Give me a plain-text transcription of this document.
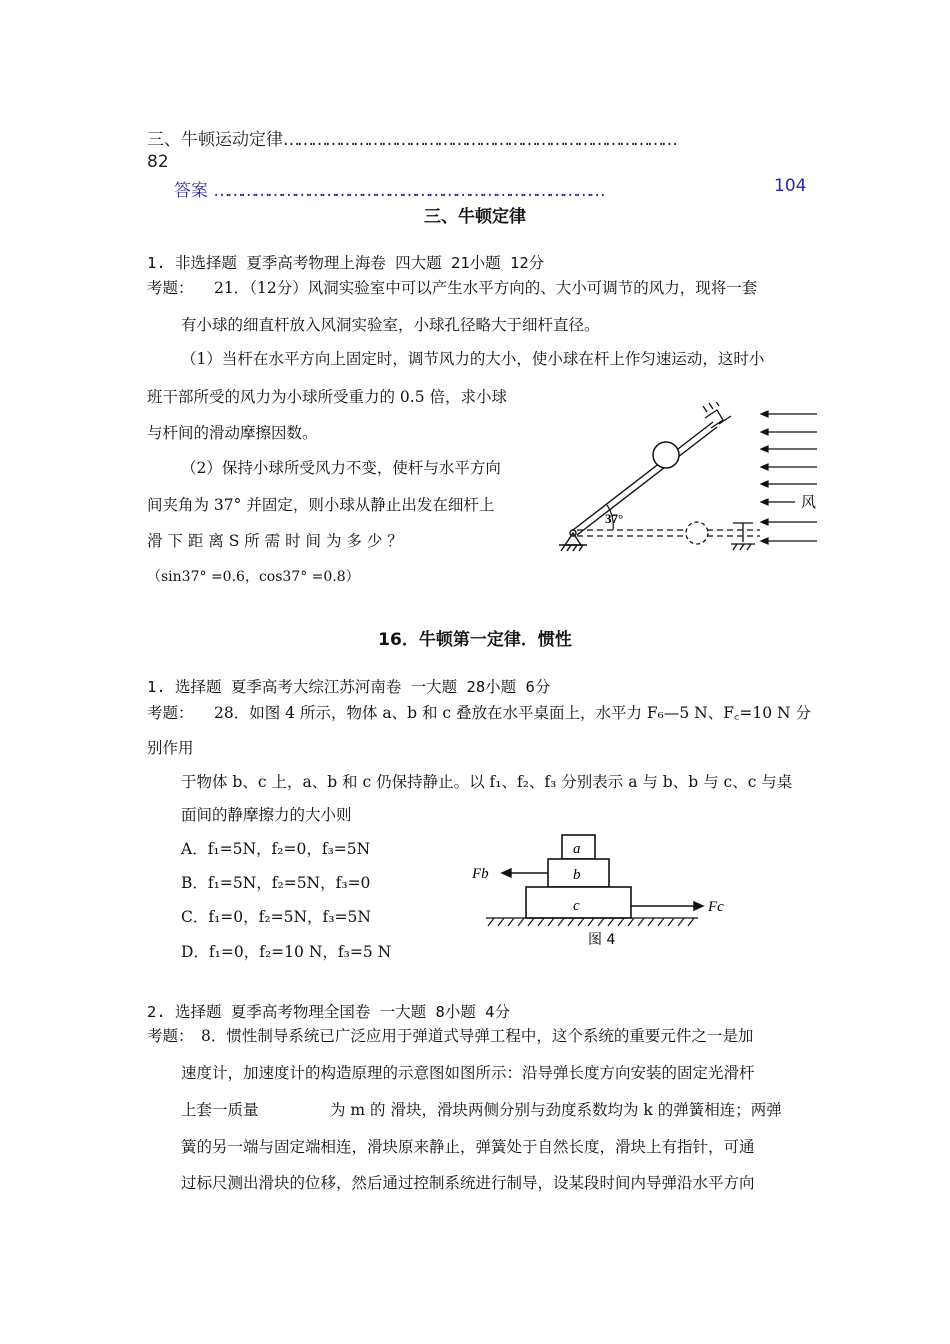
三、牛顿运动定律…………………………………………………………………………
82
答案 ……………………………………………………………………………	104
三、牛顿定律
1. 非选择题 夏季高考物理上海卷 四大题 21小题 12分
考题： 21．（12分）风洞实验室中可以产生水平方向的、大小可调节的风力，现将一套
有小球的细直杆放入风洞实验室，小球孔径略大于细杆直径。
（1）当杆在水平方向上固定时，调节风力的大小，使小球在杆上作匀速运动，这时小
班干部所受的风力为小球所受重力的 0.5 倍，求小球
与杆间的滑动摩擦因数。
（2）保持小球所受风力不变，使杆与水平方向
间夹角为 37° 并固定，则小球从静止出发在细杆上
滑 下 距 离 S 所 需 时 间 为 多 少 ？
（sin37° =0.6，cos37° =0.8）
37°
风
16．牛顿第一定律．惯性
1. 选择题 夏季高考大综江苏河南卷 一大题 28小题 6分
考题： 28．如图 4 所示，物体 a、b 和 c 叠放在水平桌面上，水平力 F₆—5 N、F꜀=10 N 分
别作用
于物体 b、c 上，a、b 和 c 仍保持静止。以 f₁、f₂、f₃ 分别表示 a 与 b、b 与 c、c 与桌
面间的静摩擦力的大小则
A．f₁=5N，f₂=0，f₃=5N
B．f₁=5N，f₂=5N，f₃=0
C．f₁=0，f₂=5N，f₃=5N
D．f₁=0，f₂=10 N，f₃=5 N
a
b
c
Fb
Fc
图 4
2. 选择题 夏季高考物理全国卷 一大题 8小题 4分
考题： 8．惯性制导系统已广泛应用于弹道式导弹工程中，这个系统的重要元件之一是加
速度计，加速度计的构造原理的示意图如图所示：沿导弹长度方向安装的固定光滑杆
上套一质量	为 m 的 滑块，滑块两侧分别与劲度系数均为 k 的弹簧相连；两弹
簧的另一端与固定端相连，滑块原来静止，弹簧处于自然长度，滑块上有指针，可通
过标尺测出滑块的位移，然后通过控制系统进行制导，设某段时间内导弹沿水平方向
